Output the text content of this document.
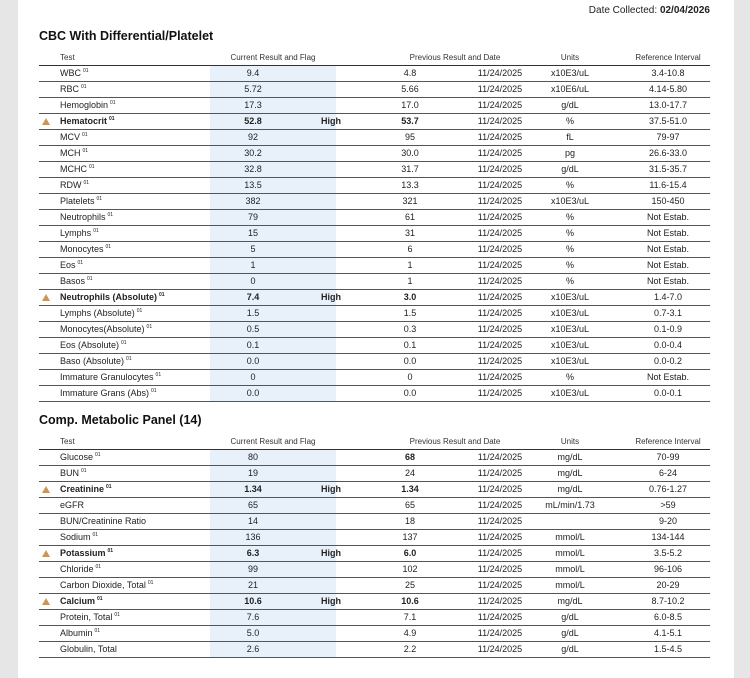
Date Collected: 02/04/2026
CBC With Differential/Platelet
Test	Current Result and Flag	Previous Result and Date	Units	Reference Interval
WBC $^{01}$	9.4	4.8	11/24/2025	x10E3/uL	3.4-10.8
RBC $^{01}$	5.72	5.66	11/24/2025	x10E6/uL	4.14-5.80
Hemoglobin $^{01}$	17.3	17.0	11/24/2025	g/dL	13.0-17.7
Hematocrit $^{01}$	52.8	High	53.7	11/24/2025	%	37.5-51.0
MCV $^{01}$	92	95	11/24/2025	fL	79-97
MCH $^{01}$	30.2	30.0	11/24/2025	pg	26.6-33.0
MCHC $^{01}$	32.8	31.7	11/24/2025	g/dL	31.5-35.7
RDW $^{01}$	13.5	13.3	11/24/2025	%	11.6-15.4
Platelets $^{01}$	382	321	11/24/2025	x10E3/uL	150-450
Neutrophils $^{01}$	79	61	11/24/2025	%	Not Estab.
Lymphs $^{01}$	15	31	11/24/2025	%	Not Estab.
Monocytes $^{01}$	5	6	11/24/2025	%	Not Estab.
Eos $^{01}$	1	1	11/24/2025	%	Not Estab.
Basos $^{01}$	0	1	11/24/2025	%	Not Estab.
Neutrophils (Absolute) $^{01}$	7.4	High	3.0	11/24/2025	x10E3/uL	1.4-7.0
Lymphs (Absolute) $^{01}$	1.5	1.5	11/24/2025	x10E3/uL	0.7-3.1
Monocytes(Absolute) $^{01}$	0.5	0.3	11/24/2025	x10E3/uL	0.1-0.9
Eos (Absolute) $^{01}$	0.1	0.1	11/24/2025	x10E3/uL	0.0-0.4
Baso (Absolute) $^{01}$	0.0	0.0	11/24/2025	x10E3/uL	0.0-0.2
Immature Granulocytes $^{01}$	0	0	11/24/2025	%	Not Estab.
Immature Grans (Abs) $^{01}$	0.0	0.0	11/24/2025	x10E3/uL	0.0-0.1
Comp. Metabolic Panel (14)
Test	Current Result and Flag	Previous Result and Date	Units	Reference Interval
Glucose $^{01}$	80	68	11/24/2025	mg/dL	70-99
BUN $^{01}$	19	24	11/24/2025	mg/dL	6-24
Creatinine $^{01}$	1.34	High	1.34	11/24/2025	mg/dL	0.76-1.27
eGFR	65	65	11/24/2025	mL/min/1.73	>59
BUN/Creatinine Ratio	14	18	11/24/2025	9-20
Sodium $^{01}$	136	137	11/24/2025	mmol/L	134-144
Potassium $^{01}$	6.3	High	6.0	11/24/2025	mmol/L	3.5-5.2
Chloride $^{01}$	99	102	11/24/2025	mmol/L	96-106
Carbon Dioxide, Total $^{01}$	21	25	11/24/2025	mmol/L	20-29
Calcium $^{01}$	10.6	High	10.6	11/24/2025	mg/dL	8.7-10.2
Protein, Total $^{01}$	7.6	7.1	11/24/2025	g/dL	6.0-8.5
Albumin $^{01}$	5.0	4.9	11/24/2025	g/dL	4.1-5.1
Globulin, Total	2.6	2.2	11/24/2025	g/dL	1.5-4.5
